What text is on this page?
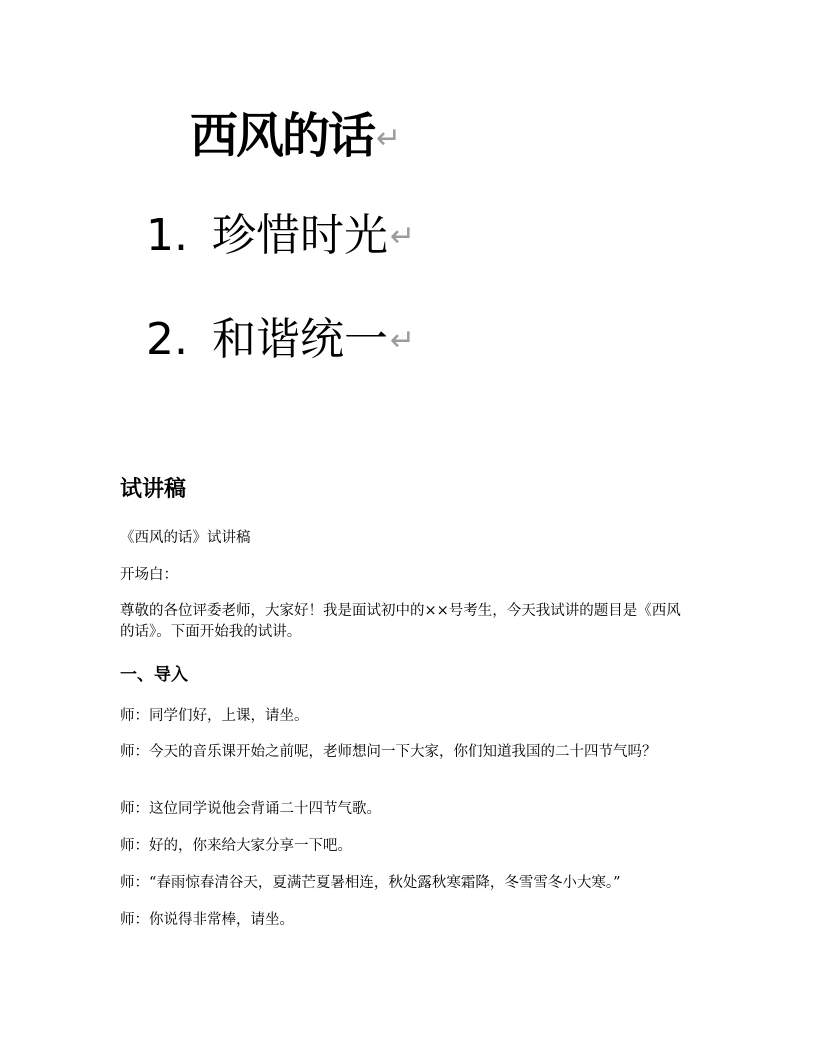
西风的话↵
1. 珍惜时光↵
2. 和谐统一↵
试讲稿

《西风的话》试讲稿

开场白：

尊敬的各位评委老师，大家好！我是面试初中的××号考生，今天我试讲的题目是《西风的话》。下面开始我的试讲。

一、导入

师：同学们好，上课，请坐。

师：今天的音乐课开始之前呢，老师想问一下大家，你们知道我国的二十四节气吗？

师：这位同学说他会背诵二十四节气歌。

师：好的，你来给大家分享一下吧。

师：“春雨惊春清谷天，夏满芒夏暑相连，秋处露秋寒霜降，冬雪雪冬小大寒。”

师：你说得非常棒，请坐。
